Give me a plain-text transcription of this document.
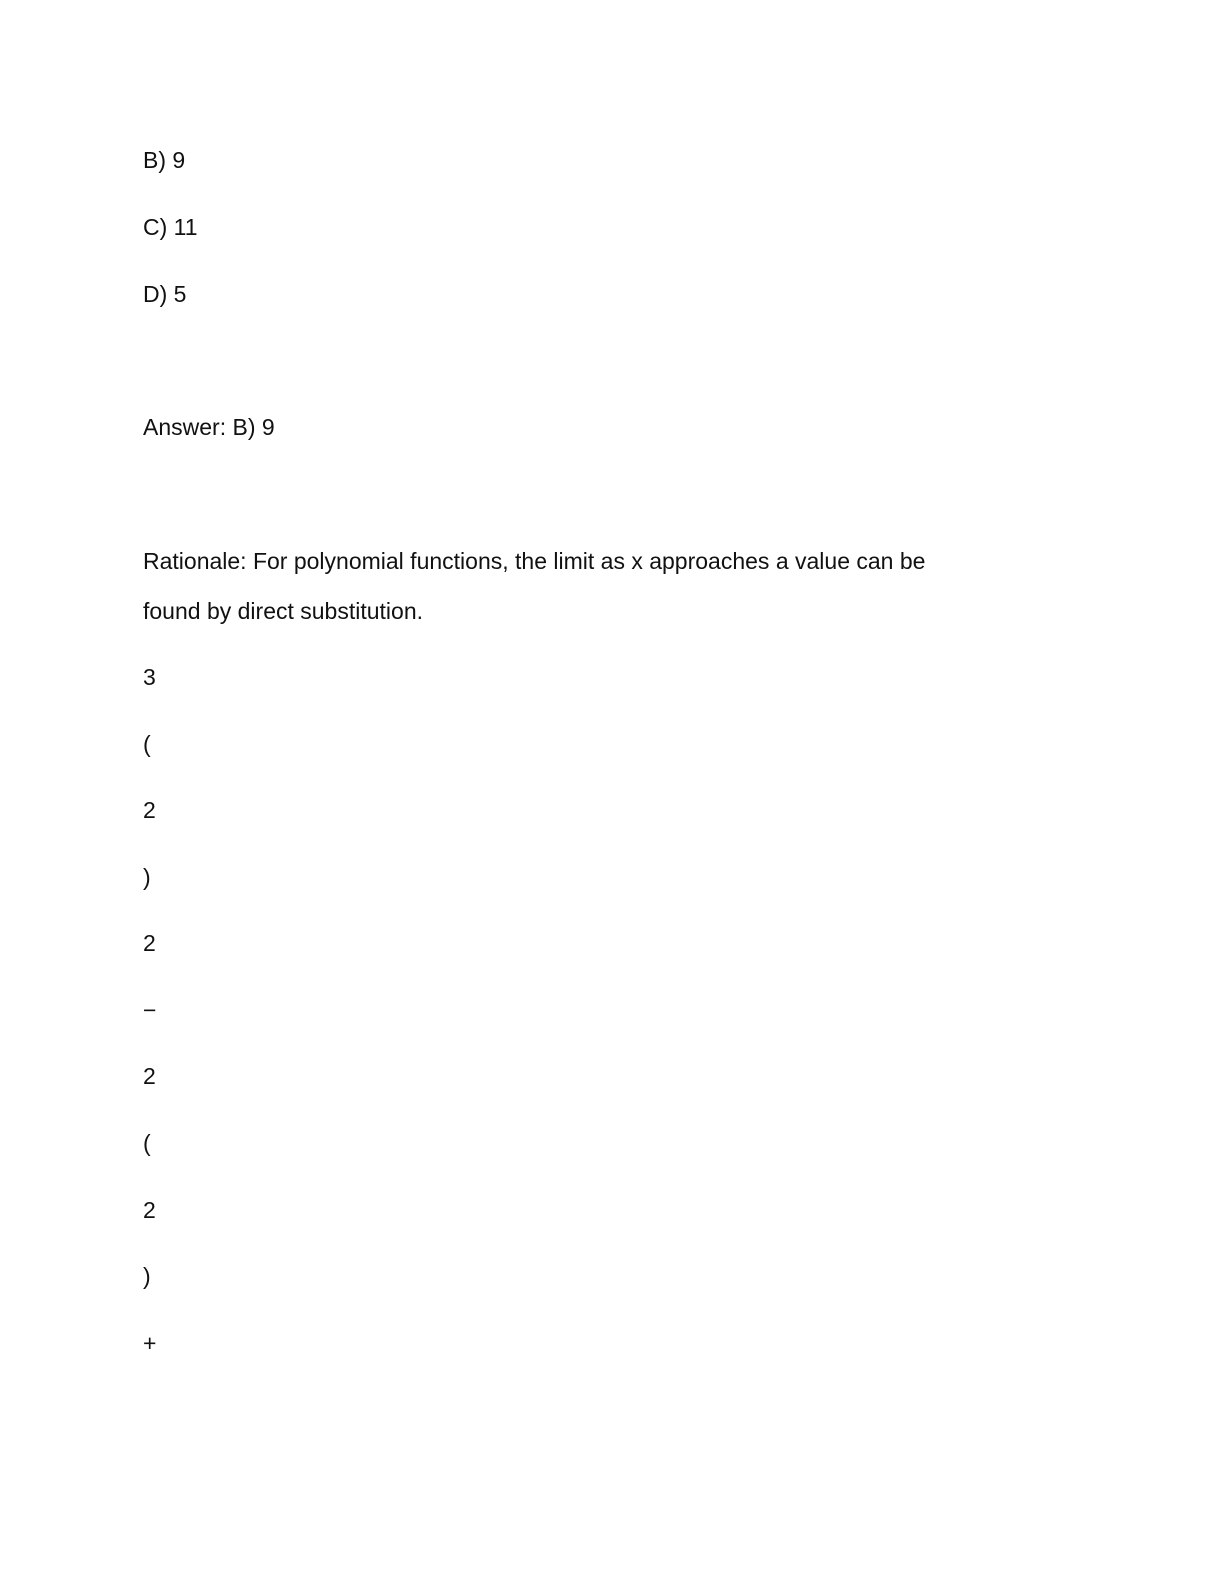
B) 9
C) 11
D) 5
Answer: B) 9
Rationale: For polynomial functions, the limit as x approaches a value can be
found by direct substitution.
3
(
2
)
2
−
2
(
2
)
+
